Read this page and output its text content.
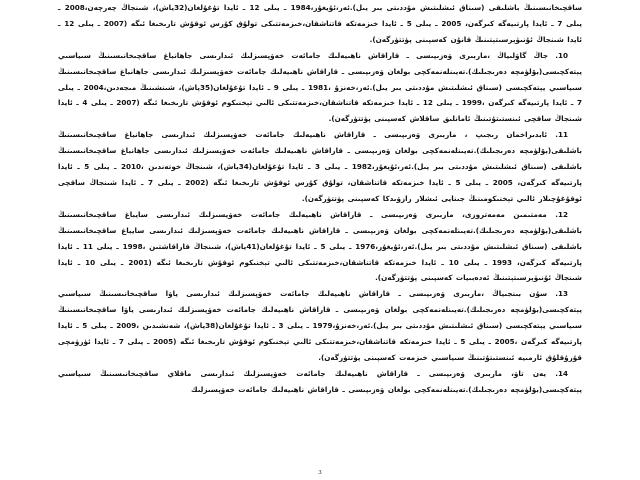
ساقچىخانىسىنىڭ باشلىقى (سىناق ئىشلىتىش مۇددىتى بىر يىل).ئەر،ئۇيغۇر،1984 ـ يىلى 12 ـ ئايدا تۇغۇلغان(32ياش)، شىنجاڭ چەرچەن،2008 ـ يىلى 7 ـ ئايدا پارتىيەگە كىرگەن، 2005 ـ يىلى 5 ـ ئايدا خىزمەتكە قاتناشقان،خىزمەتتىكى تولۇق كۇرس ئوقۇش تارىخىغا ئىگە (2007 ـ يىلى 12 ـ ئايدا شىنجاڭ ئۇنىۋېرسىتېتىنىڭ قانۇن كەسپىنى پۈتتۈرگەن).

10. جاڭ گاۋلىياڭ ،ماربىرى ۋەزىپىسى ـ قاراقاش ناھىيەلىك جامائەت خەۋپسىزلىك ئىدارىسى جاھانباغ ساقچىخانىسىنىڭ سىياسىي يېتەكچىسى(بۆلۈمچە دەرىجىلىك).تەيىنلەنمەكچى بولغان ۋەزىپىسى ـ قاراقاش ناھىيەلىك جامائەت خەۋپسىزلىك ئىدارىسى جاھانباغ ساقچىخانىسىنىڭ سىياسىي يېتەكچىسى (سىناق ئىشلىتىش مۇددىتى بىر يىل).ئەر،خەنزۇ ،1981 ـ يىلى 9 ـ ئايدا تۇغۇلغان(35ياش)، شىنشىنىڭ مىجەدىن،2004 ـ يىلى 7 ـ ئايدا پارتىيەگە كىرگەن ،1999 ـ يىلى 12 ـ ئايدا خىزمەتكە قاتناشقان،خىزمەتتىكى ئالىي تېخنىكوم ئوقۇش تارىخىغا ئىگە (2007 ـ يىلى 4 ـ ئايدا شىنجاڭ ساقچى ئىنستىتۇتىنىڭ ئامانلىق ساقلاش كەسپىنى پۈتتۈرگەن).

11. ئابدىراخمان رىجىپ ، ماربىرى ۋەزىپىسى ـ قاراقاش ناھىيەلىك جامائەت خەۋپسىزلىك ئىدارىسى جاھانباغ ساقچىخانىسىنىڭ باشلىقى(بۆلۈمچە دەرىجىلىك).تەيىنلەنمەكچى بولغان ۋەزىپىسى ـ قاراقاش ناھىيەلىك جامائەت خەۋپسىزلىك ئىدارىسى جاھانباغ ساقچىخانىسىنىڭ باشلىقى (سىناق ئىشلىتىش مۇددىتى بىر يىل).ئەر،ئۇيغۇر،1982 ـ يىلى 3 ـ ئايدا تۇغۇلغان(34ياش)، شىنجاڭ خوتەندىن ،2010 ـ يىلى 5 ـ ئايدا پارتىيەگە كىرگەن، 2005 ـ يىلى 5 ـ ئايدا خىزمەتكە قاتناشقان، تولۇق كۇرس ئوقۇش تارىخىغا ئىگە (2002 ـ يىلى 7 ـ ئايدا شىنجاڭ ساقچى ئوقۇغۇچىلار ئالىي تېخنىكومىنىڭ جىنايى ئىشلار رازۋىدكا كەسپىنى پۈتتۈرگەن).

12. مەمتىمىن مەمەتروزى، ماربىرى ۋەزىپىسى ـ قاراقاش ناھىيەلىك جامائەت خەۋپسىزلىك ئىدارىسى سايباغ ساقچىخانىسىنىڭ باشلىقى(بۆلۈمچە دەرىجىلىك).تەيىنلەنمەكچى بولغان ۋەزىپىسى ـ قاراقاش ناھىيەلىك جامائەت خەۋپسىزلىك ئىدارىسى سايباغ ساقچىخانىسىنىڭ باشلىقى (سىناق ئىشلىتىش مۇددىتى بىر يىل).ئەر،ئۇيغۇر،1976 ـ يىلى 5 ـ ئايدا تۇغۇلغان(41ياش)، شىنجاڭ قاراقاشتىن ،1998 ـ يىلى 11 ـ ئايدا پارتىيەگە كىرگەن، 1993 ـ يىلى 10 ـ ئايدا خىزمەتكە قاتناشقان،خىزمەتتىكى ئالىي تېخنىكوم ئوقۇش تارىخىغا ئىگە (2001 ـ يىلى 10 ـ ئايدا شىنجاڭ ئۇنىۋېرسىتېتىنىڭ ئەدەبىيات كەسپىنى پۈتتۈرگەن).

13. سۇن بىنجىياڭ ،ماربىرى ۋەزىپىسى ـ قاراقاش ناھىيەلىك جامائەت خەۋپسىزلىك ئىدارىسى ياۋا ساقچىخانىسىنىڭ سىياسىي يېتەكچىسى(بۆلۈمچە دەرىجىلىك).تەيىنلەنمەكچى بولغان ۋەزىپىسى ـ قاراقاش ناھىيەلىك جامائەت خەۋپسىزلىك ئىدارىسى ياۋا ساقچىخانىسىنىڭ سىياسىي يېتەكچىسى (سىناق ئىشلىتىش مۇددىتى بىر يىل).ئەر،خەنزۇ،1979 ـ يىلى 3 ـ ئايدا تۇغۇلغان(38ياش)، شەنشىدىن ،2009 ـ يىلى 5 ـ ئايدا پارتىيەگە كىرگەن ،2005 ـ يىلى 5 ـ ئايدا خىزمەتكە قاتناشقان،خىزمەتتىكى ئالىي تېخنىكوم ئوقۇش تارىخىغا ئىگە (2005 ـ يىلى 7 ـ ئايدا ئۈرۈمچى قۇرۇقلۇق ئارمىيە ئىنستىتۇتىنىڭ سىياسىي خىزمەت كەسپىنى پۈتتۈرگەن).

14. يەن تاۋ، ماربىرى ۋەزىپىسى ـ قاراقاش ناھىيەلىك جامائەت خەۋپسىزلىك ئىدارىسى ماقلاي ساقچىخانىسىنىڭ سىياسىي يېتەكچىسى(بۆلۈمچە دەرىجىلىك).تەيىنلەنمەكچى بولغان ۋەزىپىسى ـ قاراقاش ناھىيەلىك جامائەت خەۋپسىزلىك

3
